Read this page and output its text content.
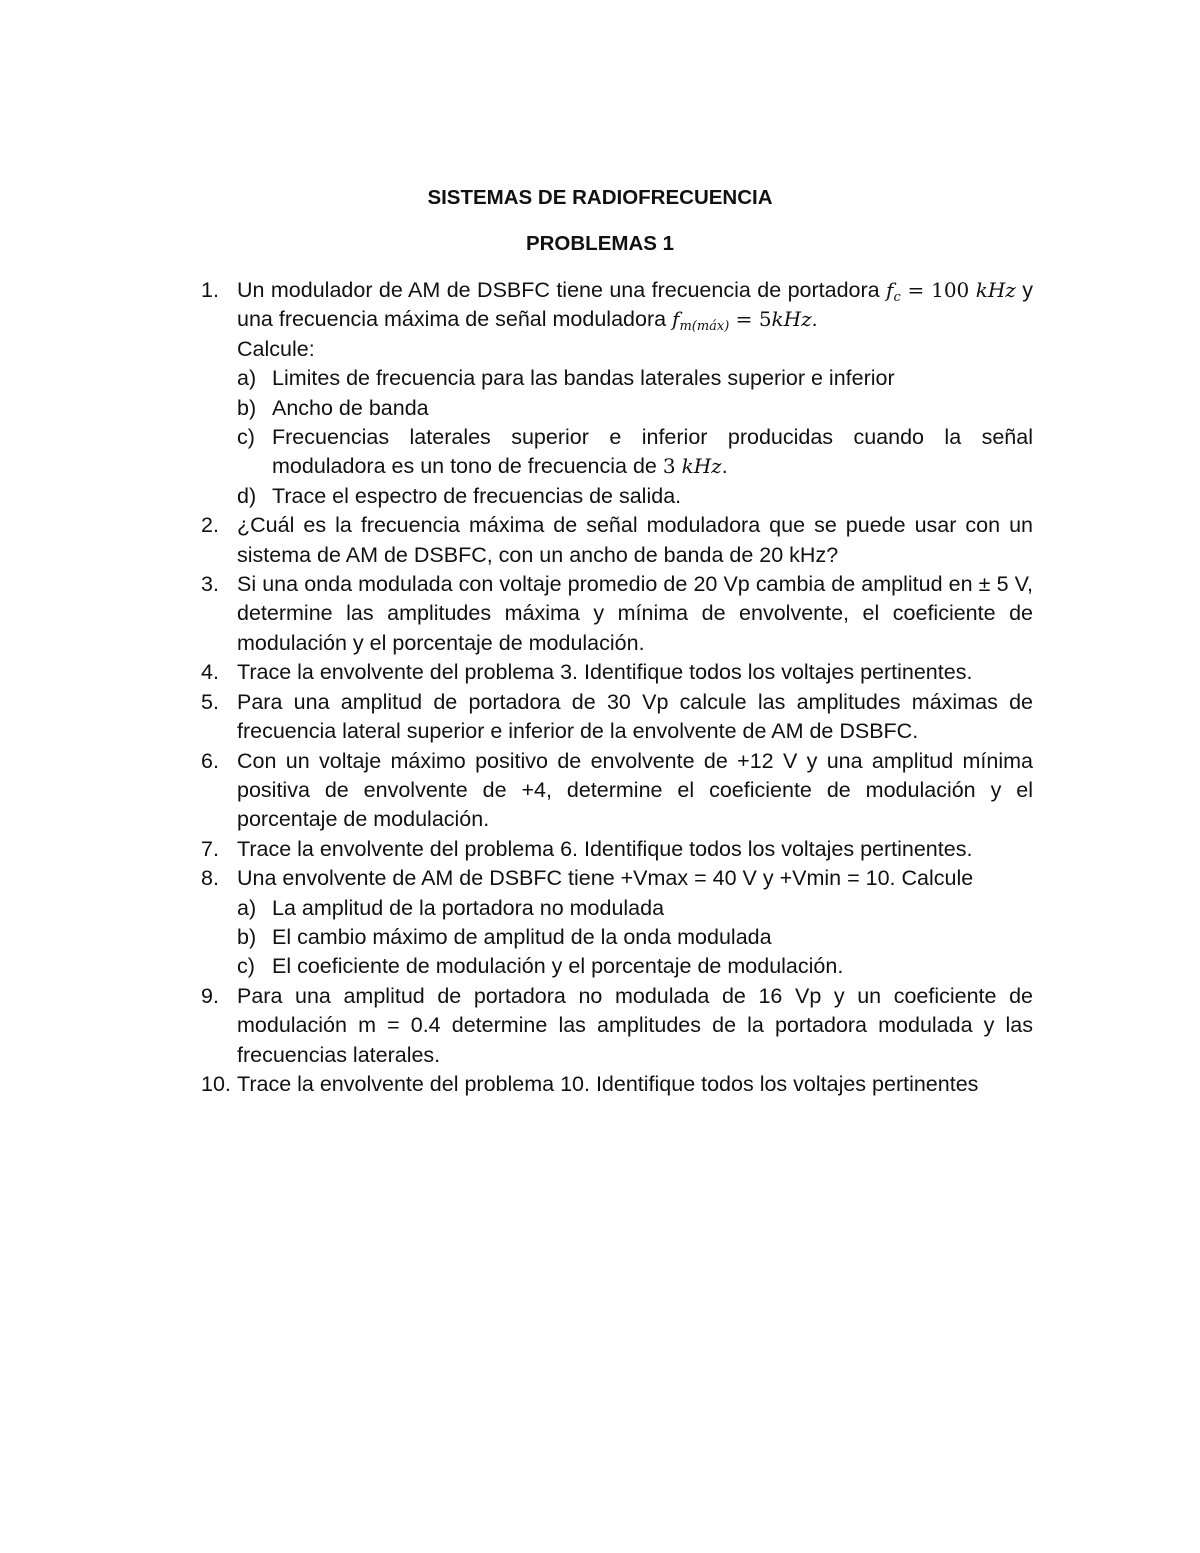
SISTEMAS DE RADIOFRECUENCIA
PROBLEMAS 1
1. Un modulador de AM de DSBFC tiene una frecuencia de portadora $f_c = 100$ kHz y una frecuencia máxima de señal moduladora $f_{m(máx)} = 5kHz$.
Calcule:
a) Limites de frecuencia para las bandas laterales superior e inferior
b) Ancho de banda
c) Frecuencias laterales superior e inferior producidas cuando la señal moduladora es un tono de frecuencia de 3 kHz.
d) Trace el espectro de frecuencias de salida.
2. ¿Cuál es la frecuencia máxima de señal moduladora que se puede usar con un sistema de AM de DSBFC, con un ancho de banda de 20 kHz?
3. Si una onda modulada con voltaje promedio de 20 Vp cambia de amplitud en ± 5 V, determine las amplitudes máxima y mínima de envolvente, el coeficiente de modulación y el porcentaje de modulación.
4. Trace la envolvente del problema 3. Identifique todos los voltajes pertinentes.
5. Para una amplitud de portadora de 30 Vp calcule las amplitudes máximas de frecuencia lateral superior e inferior de la envolvente de AM de DSBFC.
6. Con un voltaje máximo positivo de envolvente de +12 V y una amplitud mínima positiva de envolvente de +4, determine el coeficiente de modulación y el porcentaje de modulación.
7. Trace la envolvente del problema 6. Identifique todos los voltajes pertinentes.
8. Una envolvente de AM de DSBFC tiene +Vmax = 40 V y +Vmin = 10. Calcule
a) La amplitud de la portadora no modulada
b) El cambio máximo de amplitud de la onda modulada
c) El coeficiente de modulación y el porcentaje de modulación.
9. Para una amplitud de portadora no modulada de 16 Vp y un coeficiente de modulación m = 0.4 determine las amplitudes de la portadora modulada y las frecuencias laterales.
10. Trace la envolvente del problema 10. Identifique todos los voltajes pertinentes
